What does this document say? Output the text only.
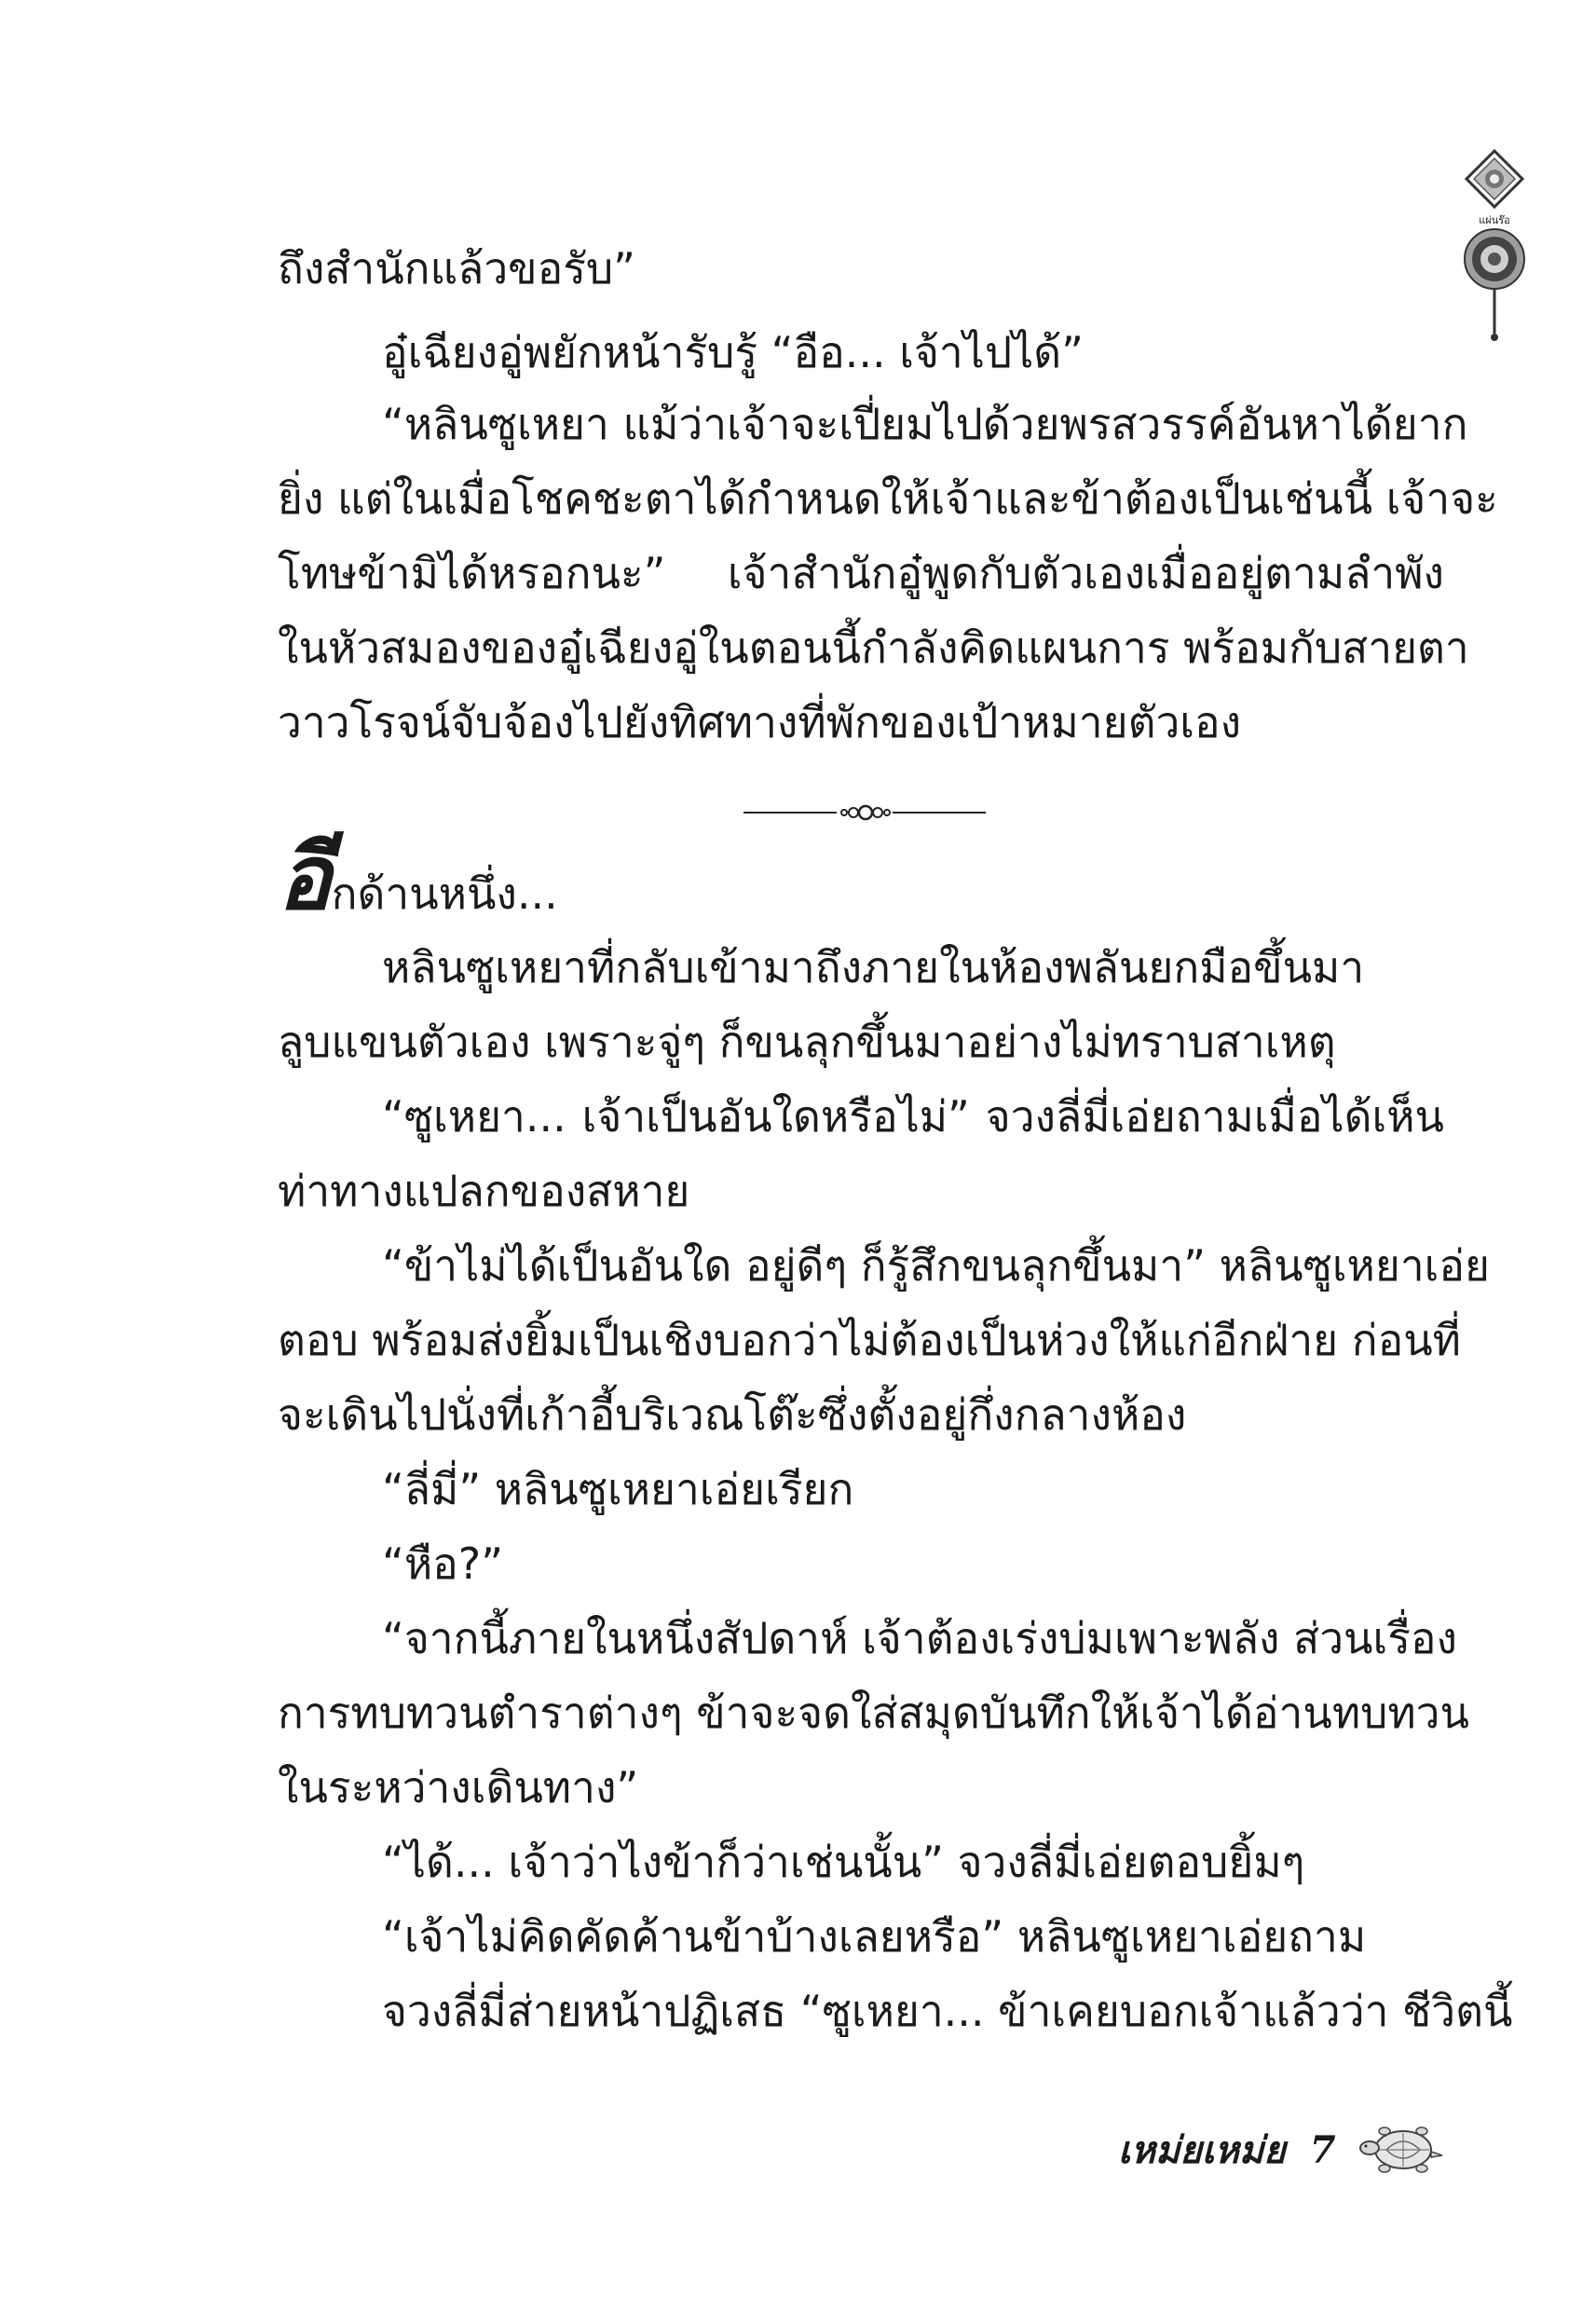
แผ่นร๊อ
ถึงสำนักแล้วขอรับ”
อู๋เฉียงอู่พยักหน้ารับรู้ “อือ... เจ้าไปได้”
“หลินซูเหยา แม้ว่าเจ้าจะเปี่ยมไปด้วยพรสวรรค์อันหาได้ยาก
ยิ่ง แต่ในเมื่อโชคชะตาได้กำหนดให้เจ้าและข้าต้องเป็นเช่นนี้ เจ้าจะ
โทษข้ามิได้หรอกนะ” เจ้าสำนักอู๋พูดกับตัวเองเมื่ออยู่ตามลำพัง
ในหัวสมองของอู๋เฉียงอู่ในตอนนี้กำลังคิดแผนการ พร้อมกับสายตา
วาวโรจน์จับจ้องไปยังทิศทางที่พักของเป้าหมายตัวเอง
อีกด้านหนึ่ง...
หลินซูเหยาที่กลับเข้ามาถึงภายในห้องพลันยกมือขึ้นมา
ลูบแขนตัวเอง เพราะจู่ๆ ก็ขนลุกขึ้นมาอย่างไม่ทราบสาเหตุ
“ซูเหยา... เจ้าเป็นอันใดหรือไม่” จวงลี่มี่เอ่ยถามเมื่อได้เห็น
ท่าทางแปลกของสหาย
“ข้าไม่ได้เป็นอันใด อยู่ดีๆ ก็รู้สึกขนลุกขึ้นมา” หลินซูเหยาเอ่ย
ตอบ พร้อมส่งยิ้มเป็นเชิงบอกว่าไม่ต้องเป็นห่วงให้แก่อีกฝ่าย ก่อนที่
จะเดินไปนั่งที่เก้าอี้บริเวณโต๊ะซึ่งตั้งอยู่กึ่งกลางห้อง
“ลี่มี่” หลินซูเหยาเอ่ยเรียก
“หือ?”
“จากนี้ภายในหนึ่งสัปดาห์ เจ้าต้องเร่งบ่มเพาะพลัง ส่วนเรื่อง
การทบทวนตำราต่างๆ ข้าจะจดใส่สมุดบันทึกให้เจ้าได้อ่านทบทวน
ในระหว่างเดินทาง”
“ได้... เจ้าว่าไงข้าก็ว่าเช่นนั้น” จวงลี่มี่เอ่ยตอบยิ้มๆ
“เจ้าไม่คิดคัดค้านข้าบ้างเลยหรือ” หลินซูเหยาเอ่ยถาม
จวงลี่มี่ส่ายหน้าปฏิเสธ “ซูเหยา... ข้าเคยบอกเจ้าแล้วว่า ชีวิตนี้
เหม่ยเหม่ย 7
